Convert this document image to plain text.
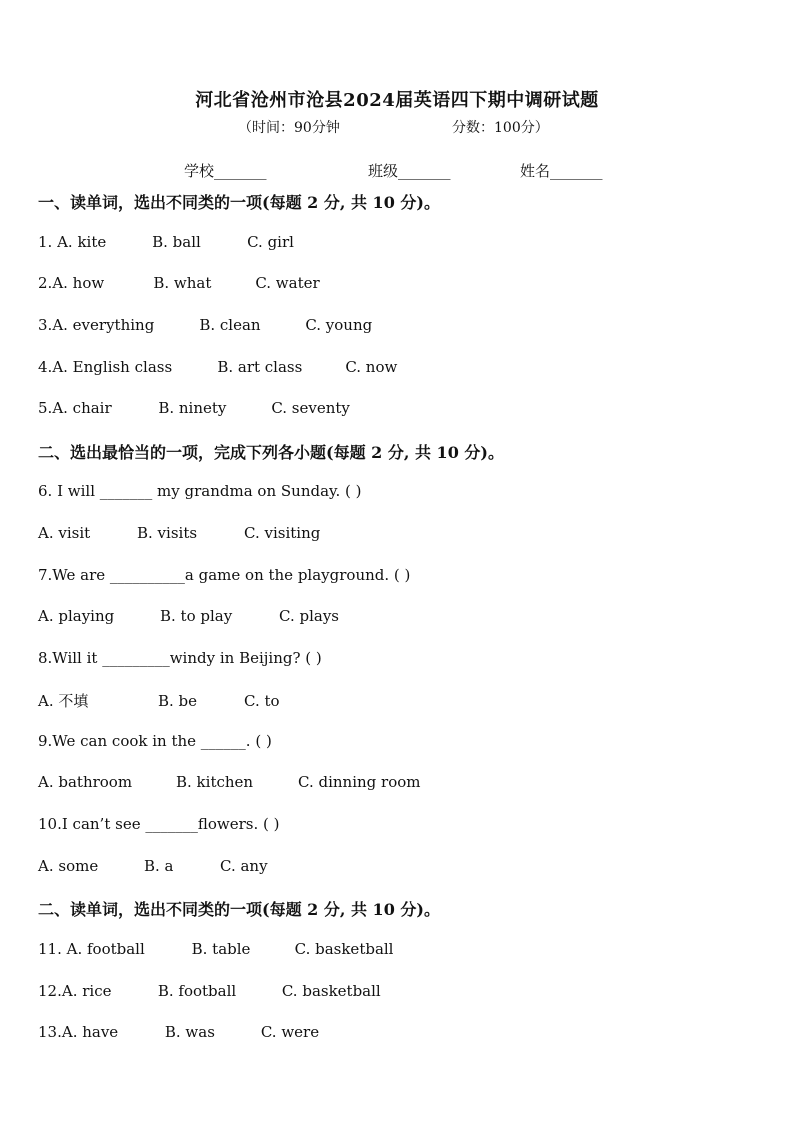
河北省沧州市沧县2024届英语四下期中调研试题
（时间：90分钟	分数：100分）
学校_______	班级_______	姓名_______
一、读单词，选出不同类的一项(每题 2 分, 共 10 分)。
1. A. kite	B. ball	C. girl
2.A. how	B. what	C. water
3.A. everything	B. clean	C. young
4.A. English class	B. art class	C. now
5.A. chair	B. ninety	C. seventy
二、选出最恰当的一项，完成下列各小题(每题 2 分, 共 10 分)。
6. I will _______ my grandma on Sunday. ( )
A. visit	B. visits	C. visiting
7.We are __________a game on the playground. ( )
A. playing	B. to play	C. plays
8.Will it _________windy in Beijing? ( )
A. 不填	B. be	C. to
9.We can cook in the ______. ( )
A. bathroom	B. kitchen	C. dinning room
10.I can’t see _______flowers. ( )
A. some	B. a	C. any
二、读单词，选出不同类的一项(每题 2 分, 共 10 分)。
11. A. football	B. table	C. basketball
12.A. rice	B. football	C. basketball
13.A. have	B. was	C. were
